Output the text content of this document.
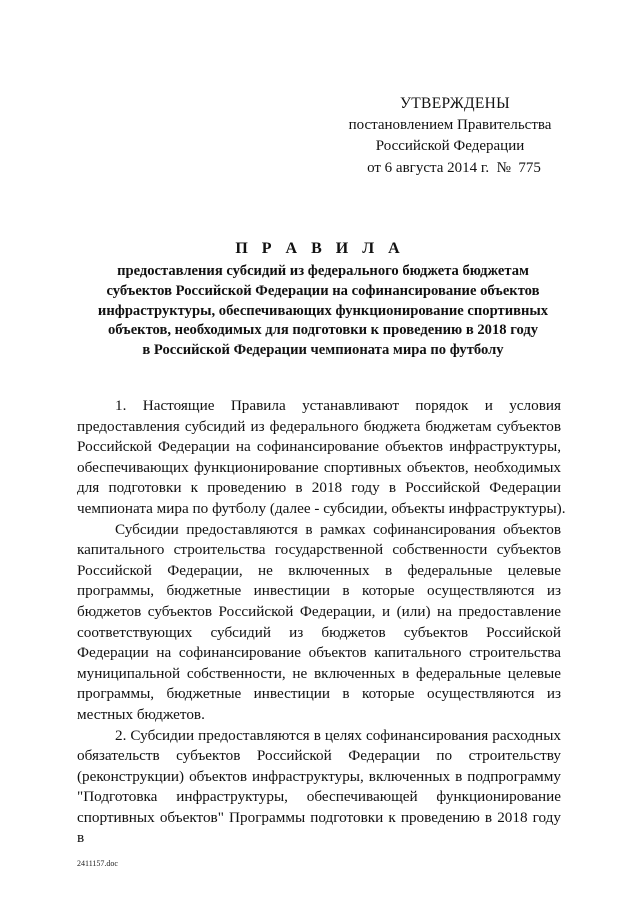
УТВЕРЖДЕНЫ
постановлением Правительства
Российской Федерации
от 6 августа 2014 г.  №  775
П Р А В И Л А
предоставления субсидий из федерального бюджета бюджетам
субъектов Российской Федерации на софинансирование объектов
инфраструктуры, обеспечивающих функционирование спортивных
объектов, необходимых для подготовки к проведению в 2018 году
в Российской Федерации чемпионата мира по футболу
1. Настоящие Правила устанавливают порядок и условия
предоставления субсидий из федерального бюджета бюджетам субъектов
Российской Федерации на софинансирование объектов инфраструктуры,
обеспечивающих функционирование спортивных объектов, необходимых
для подготовки к проведению в 2018 году в Российской Федерации
чемпионата мира по футболу (далее - субсидии, объекты инфраструктуры).
Субсидии предоставляются в рамках софинансирования объектов
капитального строительства государственной собственности субъектов
Российской Федерации, не включенных в федеральные целевые
программы, бюджетные инвестиции в которые осуществляются из
бюджетов субъектов Российской Федерации, и (или) на предоставление
соответствующих субсидий из бюджетов субъектов Российской
Федерации на софинансирование объектов капитального строительства
муниципальной собственности, не включенных в федеральные целевые
программы, бюджетные инвестиции в которые осуществляются из
местных бюджетов.
2. Субсидии предоставляются в целях софинансирования расходных
обязательств субъектов Российской Федерации по строительству
(реконструкции) объектов инфраструктуры, включенных в подпрограмму
"Подготовка инфраструктуры, обеспечивающей функционирование
спортивных объектов" Программы подготовки к проведению в 2018 году в
2411157.doc
